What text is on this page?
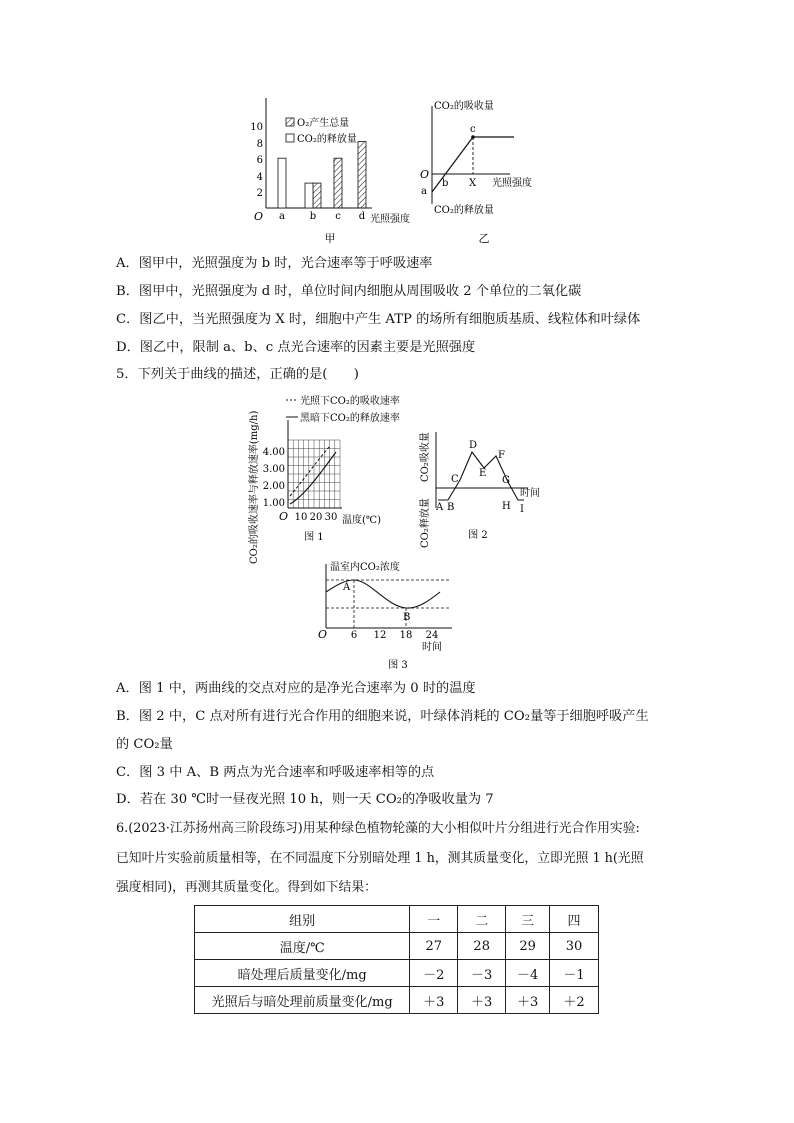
10
8
6
4
2
O a b c d 光照强度
O₂产生总量
CO₂的释放量
甲
CO₂的吸收量
O
a
b
c
X 光照强度
CO₂的释放量
乙
A．图甲中，光照强度为 b 时，光合速率等于呼吸速率
B．图甲中，光照强度为 d 时，单位时间内细胞从周围吸收 2 个单位的二氧化碳
C．图乙中，当光照强度为 X 时，细胞中产生 ATP 的场所有细胞质基质、线粒体和叶绿体
D．图乙中，限制 a、b、c 点光合速率的因素主要是光照强度
5．下列关于曲线的描述，正确的是(　　)
CO₂的吸收速率与释放速率(mg/h)
光照下CO₂的吸收速率
黑暗下CO₂的释放速率
4.00
3.00
2.00
1.00
O 10 20 30 温度(℃)
图 1
CO₂吸收量
CO₂释放量 A B
C
D
E
F
G
H I
时间
图 2
温室内CO₂浓度
A
B
O 6 12 18 24
时间
图 3
A．图 1 中，两曲线的交点对应的是净光合速率为 0 时的温度
B．图 2 中，C 点对所有进行光合作用的细胞来说，叶绿体消耗的 CO₂量等于细胞呼吸产生
的 CO₂量
C．图 3 中 A、B 两点为光合速率和呼吸速率相等的点
D．若在 30 ℃时一昼夜光照 10 h，则一天 CO₂的净吸收量为 7
6.(2023·江苏扬州高三阶段练习)用某种绿色植物轮藻的大小相似叶片分组进行光合作用实验:
已知叶片实验前质量相等，在不同温度下分别暗处理 1 h，测其质量变化，立即光照 1 h(光照
强度相同)，再测其质量变化。得到如下结果：
组别	一	二	三	四
温度/℃	27	28	29	30
暗处理后质量变化/mg	－2	－3	－4	－1
光照后与暗处理前质量变化/mg	＋3	＋3	＋3	＋2
